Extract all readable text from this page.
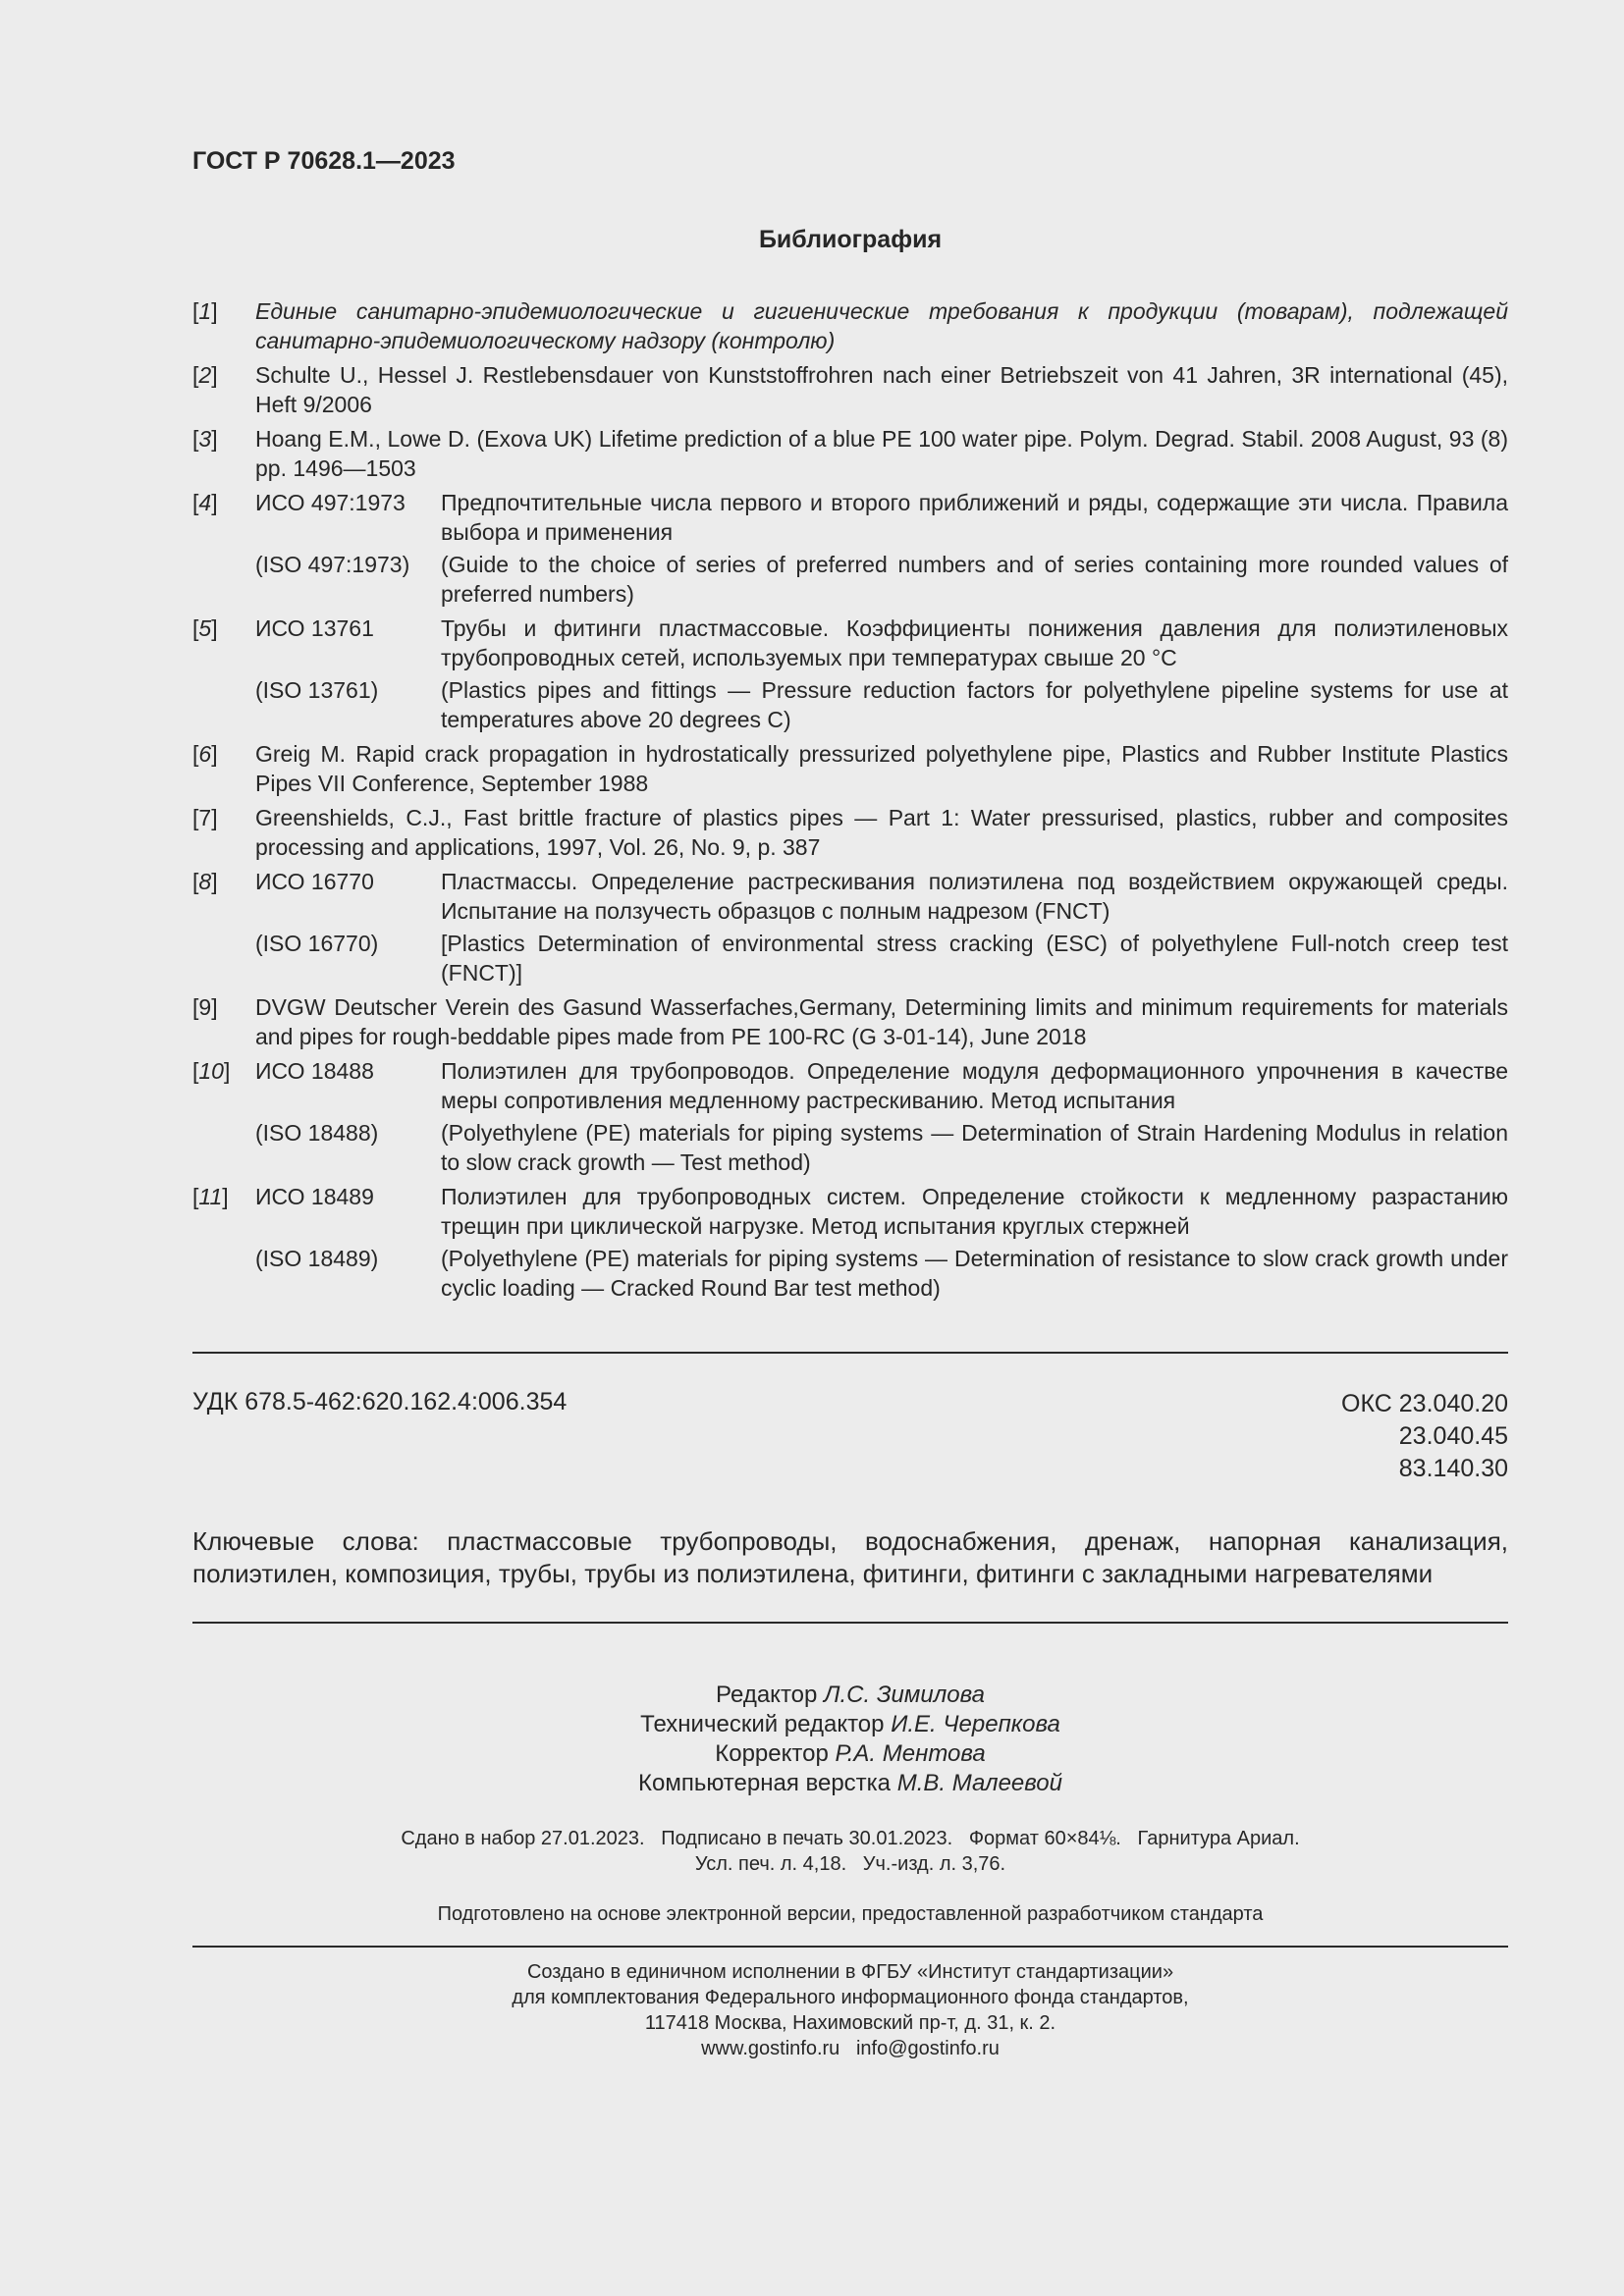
ГОСТ Р 70628.1—2023
Библиография
[1]	Единые санитарно-эпидемиологические и гигиенические требования к продукции (товарам), подлежащей санитарно-эпидемиологическому надзору (контролю)
[2]	Schulte U., Hessel J. Restlebensdauer von Kunststoffrohren nach einer Betriebszeit von 41 Jahren, 3R international (45), Heft 9/2006
[3]	Hoang E.M., Lowe D. (Exova UK) Lifetime prediction of a blue PE 100 water pipe. Polym. Degrad. Stabil. 2008 August, 93 (8) pp. 1496—1503
[4]	ИСО 497:1973	Предпочтительные числа первого и второго приближений и ряды, содержащие эти числа. Правила выбора и применения
(ISO 497:1973)	(Guide to the choice of series of preferred numbers and of series containing more rounded values of preferred numbers)
[5]	ИСО 13761	Трубы и фитинги пластмассовые. Коэффициенты понижения давления для полиэтиленовых трубопроводных сетей, используемых при температурах свыше 20 °С
(ISO 13761)	(Plastics pipes and fittings — Pressure reduction factors for polyethylene pipeline systems for use at temperatures above 20 degrees C)
[6]	Greig M. Rapid crack propagation in hydrostatically pressurized polyethylene pipe, Plastics and Rubber Institute Plastics Pipes VII Conference, September 1988
[7]	Greenshields, C.J., Fast brittle fracture of plastics pipes — Part 1: Water pressurised, plastics, rubber and composites processing and applications, 1997, Vol. 26, No. 9, p. 387
[8]	ИСО 16770	Пластмассы. Определение растрескивания полиэтилена под воздействием окружающей среды. Испытание на ползучесть образцов с полным надрезом (FNCT)
(ISO 16770)	[Plastics Determination of environmental stress cracking (ESC) of polyethylene Full-notch creep test (FNCT)]
[9]	DVGW Deutscher Verein des Gasund Wasserfaches,Germany, Determining limits and minimum requirements for materials and pipes for rough-beddable pipes made from PE 100-RC (G 3-01-14), June 2018
[10]	ИСО 18488	Полиэтилен для трубопроводов. Определение модуля деформационного упрочнения в качестве меры сопротивления медленному растрескиванию. Метод испытания
(ISO 18488)	(Polyethylene (PE) materials for piping systems — Determination of Strain Hardening Modulus in relation to slow crack growth — Test method)
[11]	ИСО 18489	Полиэтилен для трубопроводных систем. Определение стойкости к медленному разрастанию трещин при циклической нагрузке. Метод испытания круглых стержней
(ISO 18489)	(Polyethylene (PE) materials for piping systems — Determination of resistance to slow crack growth under cyclic loading — Cracked Round Bar test method)
УДК 678.5-462:620.162.4:006.354	ОКС 23.040.20
23.040.45
83.140.30
Ключевые слова: пластмассовые трубопроводы, водоснабжения, дренаж, напорная канализация, полиэтилен, композиция, трубы, трубы из полиэтилена, фитинги, фитинги с закладными нагревателями
Редактор Л.С. Зимилова
Технический редактор И.Е. Черепкова
Корректор Р.А. Ментова
Компьютерная верстка М.В. Малеевой
Сдано в набор 27.01.2023.   Подписано в печать 30.01.2023.   Формат 60×84⅛.   Гарнитура Ариал.
Усл. печ. л. 4,18.   Уч.-изд. л. 3,76.
Подготовлено на основе электронной версии, предоставленной разработчиком стандарта
Создано в единичном исполнении в ФГБУ «Институт стандартизации»
для комплектования Федерального информационного фонда стандартов,
117418 Москва, Нахимовский пр-т, д. 31, к. 2.
www.gostinfo.ru   info@gostinfo.ru
